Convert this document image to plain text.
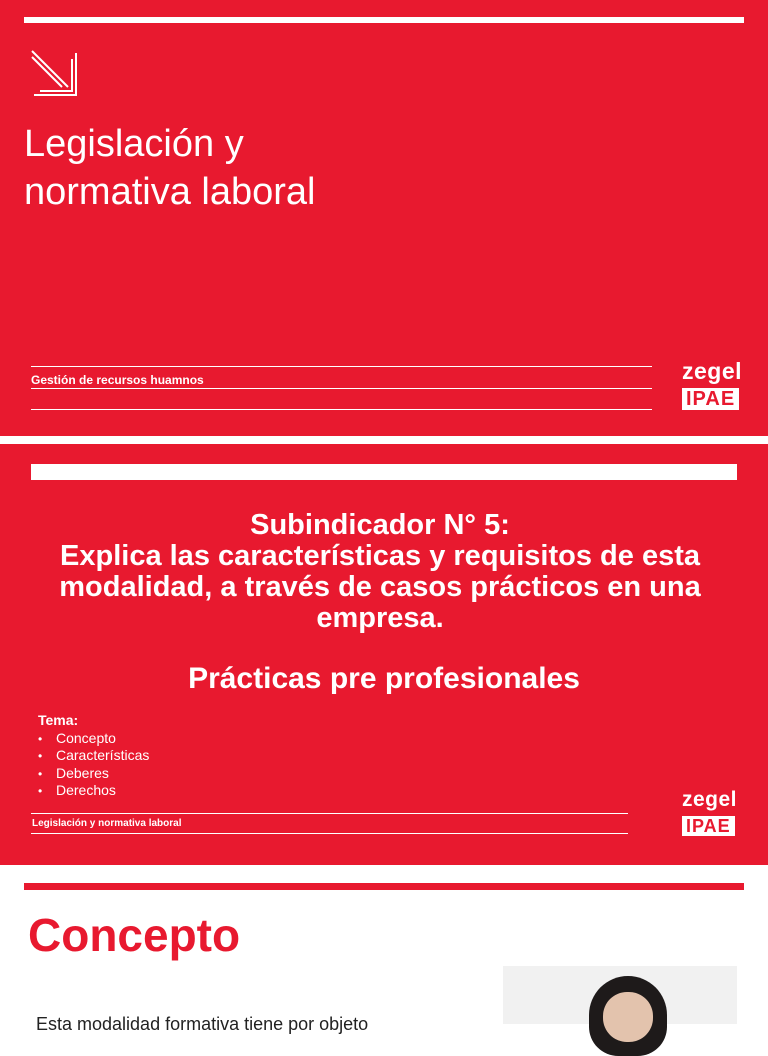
Legislación y
normativa laboral
Gestión de recursos huamnos	zegel
IPAE
Subindicador N° 5:
Explica las características y requisitos de esta
modalidad, a través de casos prácticos en una
empresa.
Prácticas pre profesionales
Tema:
• Concepto
• Características
• Deberes
• Derechos
Legislación y normativa laboral
zegel
IPAE
Concepto
Esta modalidad formativa tiene por objeto
